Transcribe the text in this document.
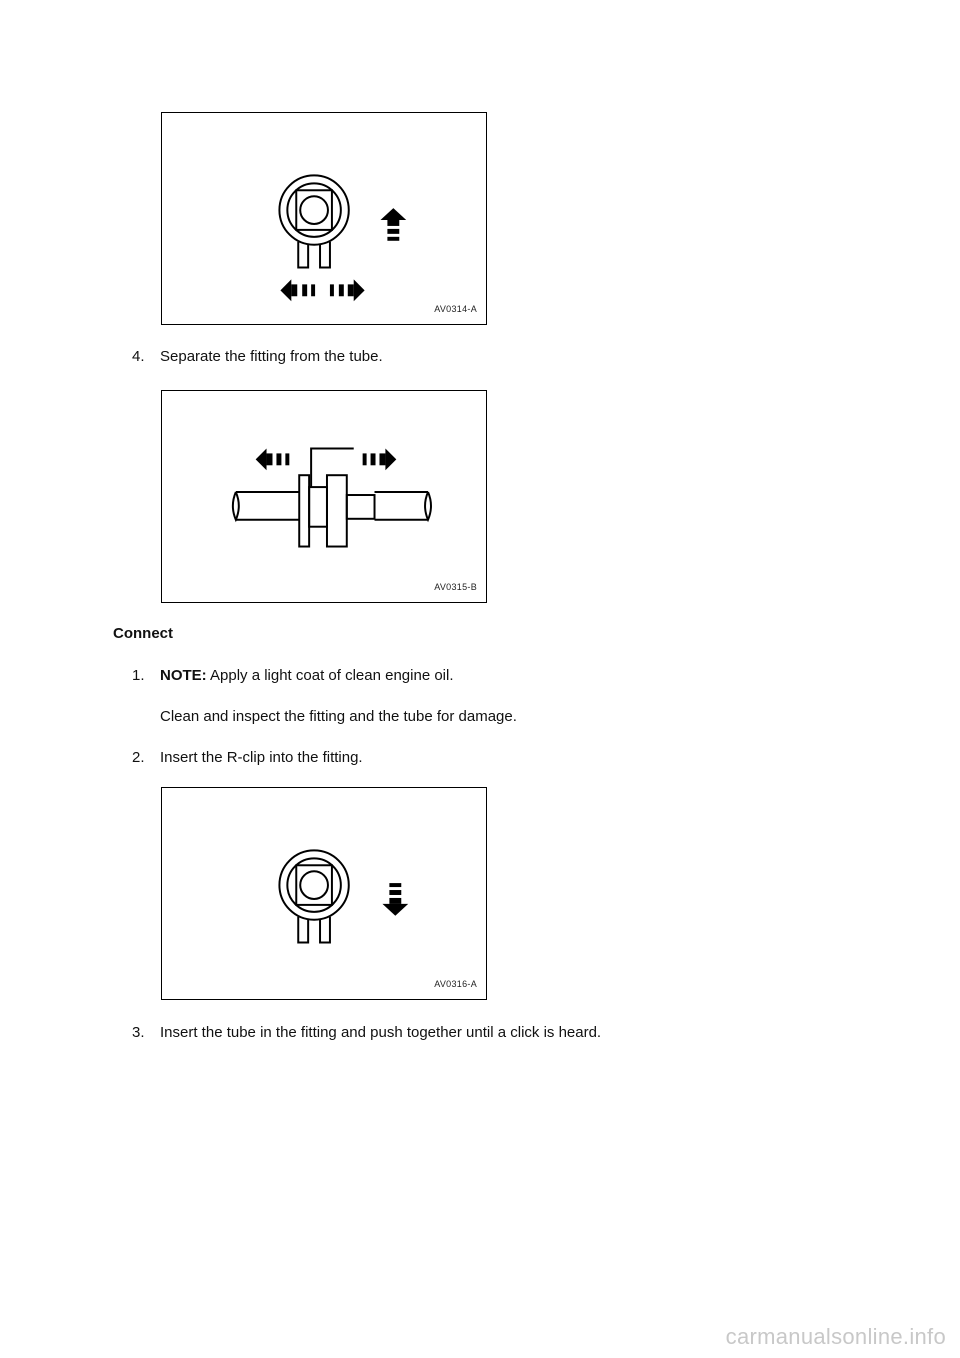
AV0314-A
4. Separate the fitting from the tube.
AV0315-B
Connect
1. NOTE: Apply a light coat of clean engine oil.
Clean and inspect the fitting and the tube for damage.
2. Insert the R-clip into the fitting.
AV0316-A
3. Insert the tube in the fitting and push together until a click is heard.
carmanualsonline.info
